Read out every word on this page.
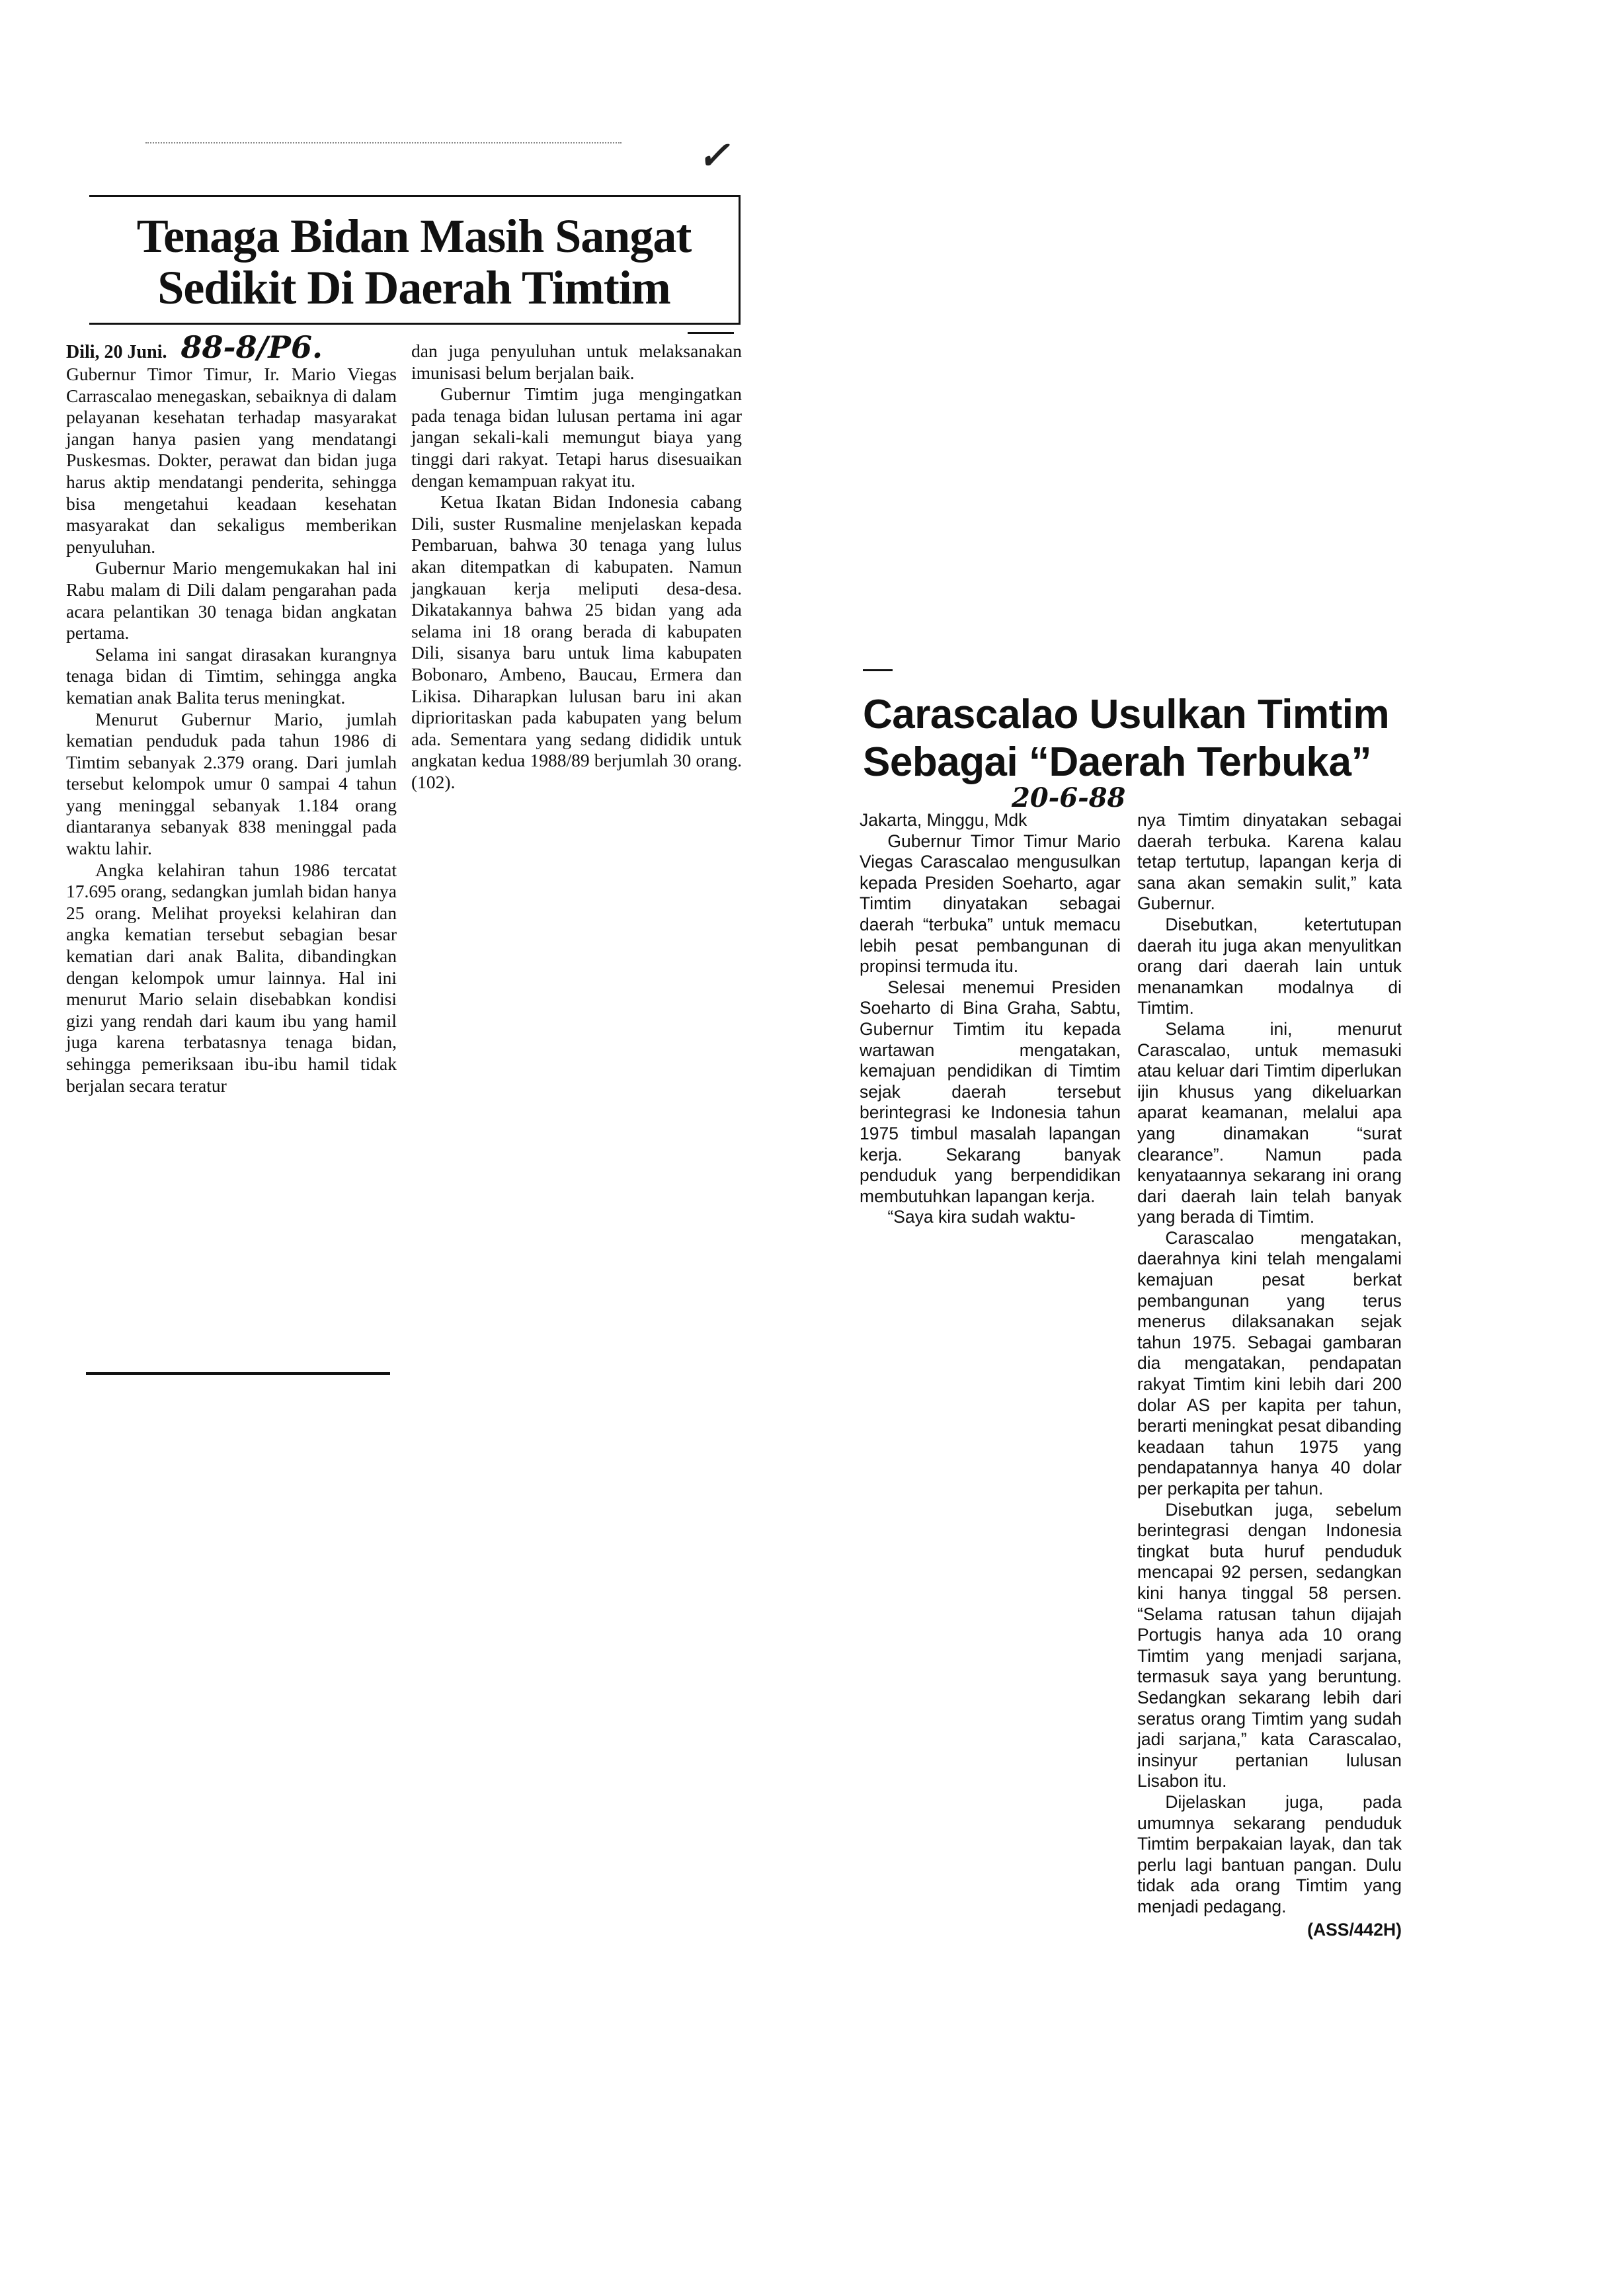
✓
Tenaga Bidan Masih Sangat
Sedikit Di Daerah Timtim
Dili, 20 Juni. 88-8/P6.

Gubernur Timor Timur, Ir. Mario Viegas Carrascalao menegaskan, sebaiknya di dalam pelayanan kesehatan terhadap masyarakat jangan hanya pasien yang mendatangi Puskesmas. Dokter, perawat dan bidan juga harus aktip mendatangi penderita, sehingga bisa mengetahui keadaan kesehatan masyarakat dan sekaligus memberikan penyuluhan.

Gubernur Mario mengemukakan hal ini Rabu malam di Dili dalam pengarahan pada acara pelantikan 30 tenaga bidan angkatan pertama.

Selama ini sangat dirasakan kurangnya tenaga bidan di Timtim, sehingga angka kematian anak Balita terus meningkat.

Menurut Gubernur Mario, jumlah kematian penduduk pada tahun 1986 di Timtim sebanyak 2.379 orang. Dari jumlah tersebut kelompok umur 0 sampai 4 tahun yang meninggal sebanyak 1.184 orang diantaranya sebanyak 838 meninggal pada waktu lahir.

Angka kelahiran tahun 1986 tercatat 17.695 orang, sedangkan jumlah bidan hanya 25 orang. Melihat proyeksi kelahiran dan angka kematian tersebut sebagian besar kematian dari anak Balita, dibandingkan dengan kelompok umur lainnya. Hal ini menurut Mario selain disebabkan kondisi gizi yang rendah dari kaum ibu yang hamil juga karena terbatasnya tenaga bidan, sehingga pemeriksaan ibu-ibu hamil tidak berjalan secara teratur

dan juga penyuluhan untuk melaksanakan imunisasi belum berjalan baik.

Gubernur Timtim juga mengingatkan pada tenaga bidan lulusan pertama ini agar jangan sekali-kali memungut biaya yang tinggi dari rakyat. Tetapi harus disesuaikan dengan kemampuan rakyat itu.

Ketua Ikatan Bidan Indonesia cabang Dili, suster Rusmaline menjelaskan kepada Pembaruan, bahwa 30 tenaga yang lulus akan ditempatkan di kabupaten. Namun jangkauan kerja meliputi desa-desa. Dikatakannya bahwa 25 bidan yang ada selama ini 18 orang berada di kabupaten Dili, sisanya baru untuk lima kabupaten Bobonaro, Ambeno, Baucau, Ermera dan Likisa. Diharapkan lulusan baru ini akan diprioritaskan pada kabupaten yang belum ada. Sementara yang sedang dididik untuk angkatan kedua 1988/89 berjumlah 30 orang. (102).

Carascalao Usulkan Timtim
Sebagai “Daerah Terbuka”
20-6-88

Jakarta, Minggu, Mdk

Gubernur Timor Timur Mario Viegas Carascalao mengusulkan kepada Presiden Soeharto, agar Timtim dinyatakan sebagai daerah “terbuka” untuk memacu lebih pesat pembangunan di propinsi termuda itu.

Selesai menemui Presiden Soeharto di Bina Graha, Sabtu, Gubernur Timtim itu kepada wartawan mengatakan, kemajuan pendidikan di Timtim sejak daerah tersebut berintegrasi ke Indonesia tahun 1975 timbul masalah lapangan kerja. Sekarang banyak penduduk yang berpendidikan membutuhkan lapangan kerja.

“Saya kira sudah waktu-

nya Timtim dinyatakan sebagai daerah terbuka. Karena kalau tetap tertutup, lapangan kerja di sana akan semakin sulit,” kata Gubernur.

Disebutkan, ketertutupan daerah itu juga akan menyulitkan orang dari daerah lain untuk menanamkan modalnya di Timtim.

Selama ini, menurut Carascalao, untuk memasuki atau keluar dari Timtim diperlukan ijin khusus yang dikeluarkan aparat keamanan, melalui apa yang dinamakan “surat clearance”. Namun pada kenyataannya sekarang ini orang dari daerah lain telah banyak yang berada di Timtim.

Carascalao mengatakan, daerahnya kini telah mengalami kemajuan pesat berkat pembangunan yang terus menerus dilaksanakan sejak tahun 1975. Sebagai gambaran dia mengatakan, pendapatan rakyat Timtim kini lebih dari 200 dolar AS per kapita per tahun, berarti meningkat pesat dibanding keadaan tahun 1975 yang pendapatannya hanya 40 dolar per perkapita per tahun.

Disebutkan juga, sebelum berintegrasi dengan Indonesia tingkat buta huruf penduduk mencapai 92 persen, sedangkan kini hanya tinggal 58 persen. “Selama ratusan tahun dijajah Portugis hanya ada 10 orang Timtim yang menjadi sarjana, termasuk saya yang beruntung. Sedangkan sekarang lebih dari seratus orang Timtim yang sudah jadi sarjana,” kata Carascalao, insinyur pertanian lulusan Lisabon itu.

Dijelaskan juga, pada umumnya sekarang penduduk Timtim berpakaian layak, dan tak perlu lagi bantuan pangan. Dulu tidak ada orang Timtim yang menjadi pedagang.

(ASS/442H)
